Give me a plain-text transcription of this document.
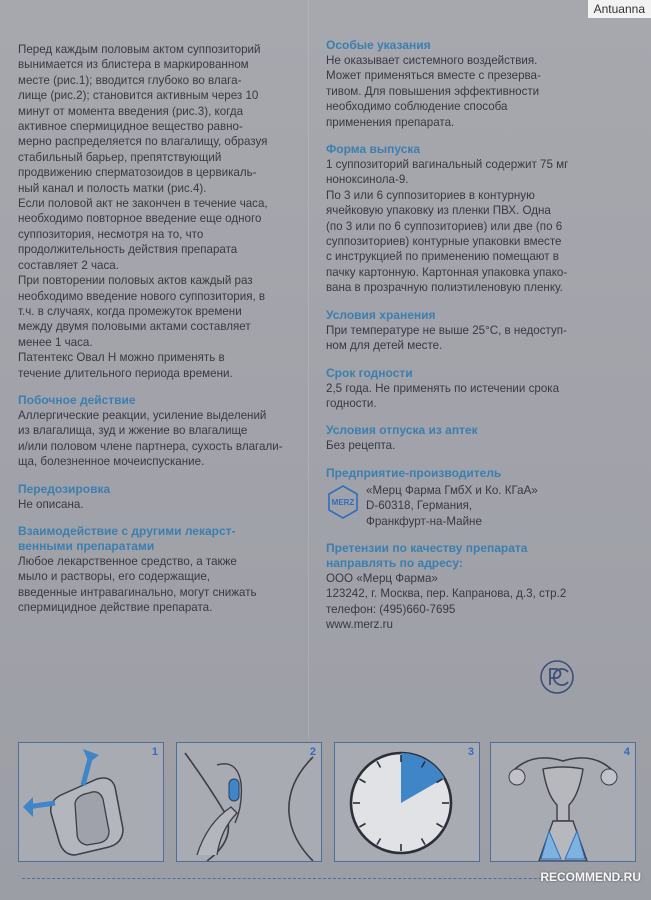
Antuanna

Перед каждым половым актом суппозиторий

вынимается из блистера в маркированном

месте (рис.1); вводится глубоко во влага-

лище (рис.2); становится активным через 10

минут от момента введения (рис.3), когда

активное спермицидное вещество равно-

мерно распределяется по влагалищу, образуя

стабильный барьер, препятствующий

продвижению сперматозоидов в цервикаль-

ный канал и полость матки (рис.4).

Если половой акт не закончен в течение часа,

необходимо повторное введение еще одного

суппозитория, несмотря на то, что

продолжительность действия препарата

составляет 2 часа.

При повторении половых актов каждый раз

необходимо введение нового суппозитория, в

т.ч. в случаях, когда промежуток времени

между двумя половыми актами составляет

менее 1 часа.

Патентекс Овал Н можно применять в

течение длительного периода времени.

Побочное действие

Аллергические реакции, усиление выделений

из влагалища, зуд и жжение во влагалище

и/или половом члене партнера, сухость влагали-

ща, болезненное мочеиспускание.

Передозировка

Не описана.

Взаимодействие с другими лекарст-

венными препаратами

Любое лекарственное средство, а также

мыло и растворы, его содержащие,

введенные интравагинально, могут снижать

спермицидное действие препарата.

Особые указания

Не оказывает системного воздействия.

Может применяться вместе с презерва-

тивом. Для повышения эффективности

необходимо соблюдение способа

применения препарата.

Форма выпуска

1 суппозиторий вагинальный содержит 75 мг

ноноксинола-9.

По 3 или 6 суппозиториев в контурную

ячейковую упаковку из пленки ПВХ. Одна

(по 3 или по 6 суппозиториев) или две (по 6

суппозиториев) контурные упаковки вместе

с инструкцией по применению помещают в

пачку картонную. Картонная упаковка упако-

вана в прозрачную полиэтиленовую пленку.

Условия хранения

При температуре не выше 25°C, в недоступ-

ном для детей месте.

Срок годности

2,5 года. Не применять по истечении срока

годности.

Условия отпуска из аптек

Без рецепта.

Предприятие-производитель

MERZ

«Мерц Фарма ГмбХ и Ко. КГаА»

D-60318, Германия,

Франкфурт-на-Майне

Претензии по качеству препарата

направлять по адресу:

ООО «Мерц Фарма»

123242, г. Москва, пер. Капранова, д.3, стр.2

телефон: (495)660-7695

www.merz.ru

1	2	3	4
RECOMMEND.RU
